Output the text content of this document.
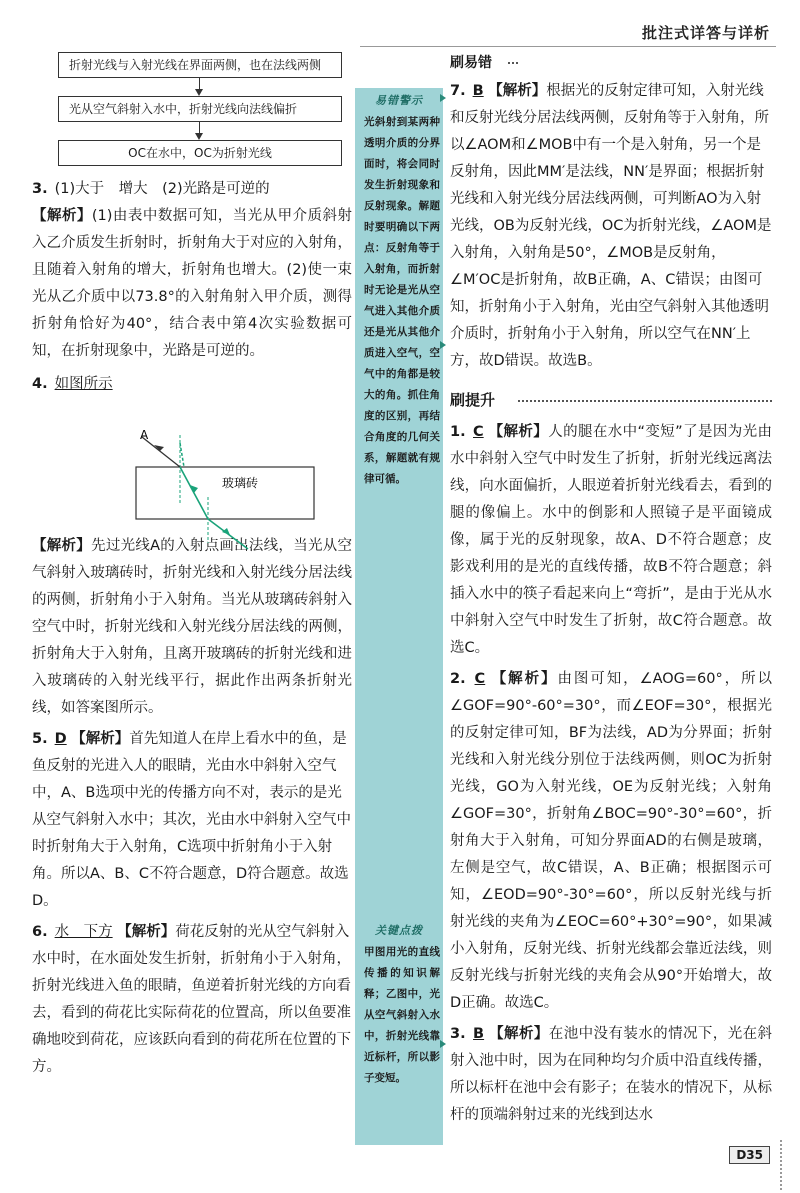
批注式详答与详析
折射光线与入射光线在界面两侧，也在法线两侧
光从空气斜射入水中，折射光线向法线偏折
OC在水中，OC为折射光线
3. (1)大于　增大　(2)光路是可逆的
【解析】(1)由表中数据可知，当光从甲介质斜射入乙介质发生折射时，折射角大于对应的入射角，且随着入射角的增大，折射角也增大。(2)使一束光从乙介质中以73.8°的入射角射入甲介质，测得折射角恰好为40°，结合表中第4次实验数据可知，在折射现象中，光路是可逆的。
4. 如图所示
【解析】先过光线A的入射点画出法线，当光从空气斜射入玻璃砖时，折射光线和入射光线分居法线的两侧，折射角小于入射角。当光从玻璃砖斜射入空气中时，折射光线和入射光线分居法线的两侧，折射角大于入射角，且离开玻璃砖的折射光线和进入玻璃砖的入射光线平行，据此作出两条折射光线，如答案图所示。
5. D 【解析】首先知道人在岸上看水中的鱼，是鱼反射的光进入人的眼睛，光由水中斜射入空气中，A、B选项中光的传播方向不对，表示的是光从空气斜射入水中；其次，光由水中斜射入空气中时折射角大于入射角，C选项中折射角小于入射角。所以A、B、C不符合题意，D符合题意。故选D。
6. 水　下方 【解析】荷花反射的光从空气斜射入水中时，在水面处发生折射，折射角小于入射角，折射光线进入鱼的眼睛，鱼逆着折射光线的方向看去，看到的荷花比实际荷花的位置高，所以鱼要准确地咬到荷花，应该跃向看到的荷花所在位置的下方。
A
玻璃砖
易错警示
光斜射到某两种透明介质的分界面时，将会同时发生折射现象和反射现象。解题时要明确以下两点：反射角等于入射角，而折射时无论是光从空气进入其他介质还是光从其他介质进入空气，空气中的角都是较大的角。抓住角度的区别，再结合角度的几何关系，解题就有规律可循。
关键点拨
甲图用光的直线传播的知识解释；乙图中，光从空气斜射入水中，折射光线靠近标杆，所以影子变短。
刷易错
7. B 【解析】根据光的反射定律可知，入射光线和反射光线分居法线两侧，反射角等于入射角，所以∠AOM和∠MOB中有一个是入射角，另一个是反射角，因此MM′是法线，NN′是界面；根据折射光线和入射光线分居法线两侧，可判断AO为入射光线，OB为反射光线，OC为折射光线，∠AOM是入射角，入射角是50°，∠MOB是反射角，∠M′OC是折射角，故B正确，A、C错误；由图可知，折射角小于入射角，光由空气斜射入其他透明介质时，折射角小于入射角，所以空气在NN′上方，故D错误。故选B。
刷提升
1. C 【解析】人的腿在水中“变短”了是因为光由水中斜射入空气中时发生了折射，折射光线远离法线，向水面偏折，人眼逆着折射光线看去，看到的腿的像偏上。水中的倒影和人照镜子是平面镜成像，属于光的反射现象，故A、D不符合题意；皮影戏利用的是光的直线传播，故B不符合题意；斜插入水中的筷子看起来向上“弯折”，是由于光从水中斜射入空气中时发生了折射，故C符合题意。故选C。
2. C 【解析】由图可知，∠AOG=60°，所以∠GOF=90°-60°=30°，而∠EOF=30°，根据光的反射定律可知，BF为法线，AD为分界面；折射光线和入射光线分别位于法线两侧，则OC为折射光线，GO为入射光线，OE为反射光线；入射角∠GOF=30°，折射角∠BOC=90°-30°=60°，折射角大于入射角，可知分界面AD的右侧是玻璃，左侧是空气，故C错误，A、B正确；根据图示可知，∠EOD=90°-30°=60°，所以反射光线与折射光线的夹角为∠EOC=60°+30°=90°，如果减小入射角，反射光线、折射光线都会靠近法线，则反射光线与折射光线的夹角会从90°开始增大，故D正确。故选C。
3. B 【解析】在池中没有装水的情况下，光在斜射入池中时，因为在同种均匀介质中沿直线传播，所以标杆在池中会有影子；在装水的情况下，从标杆的顶端斜射过来的光线到达水
D35
